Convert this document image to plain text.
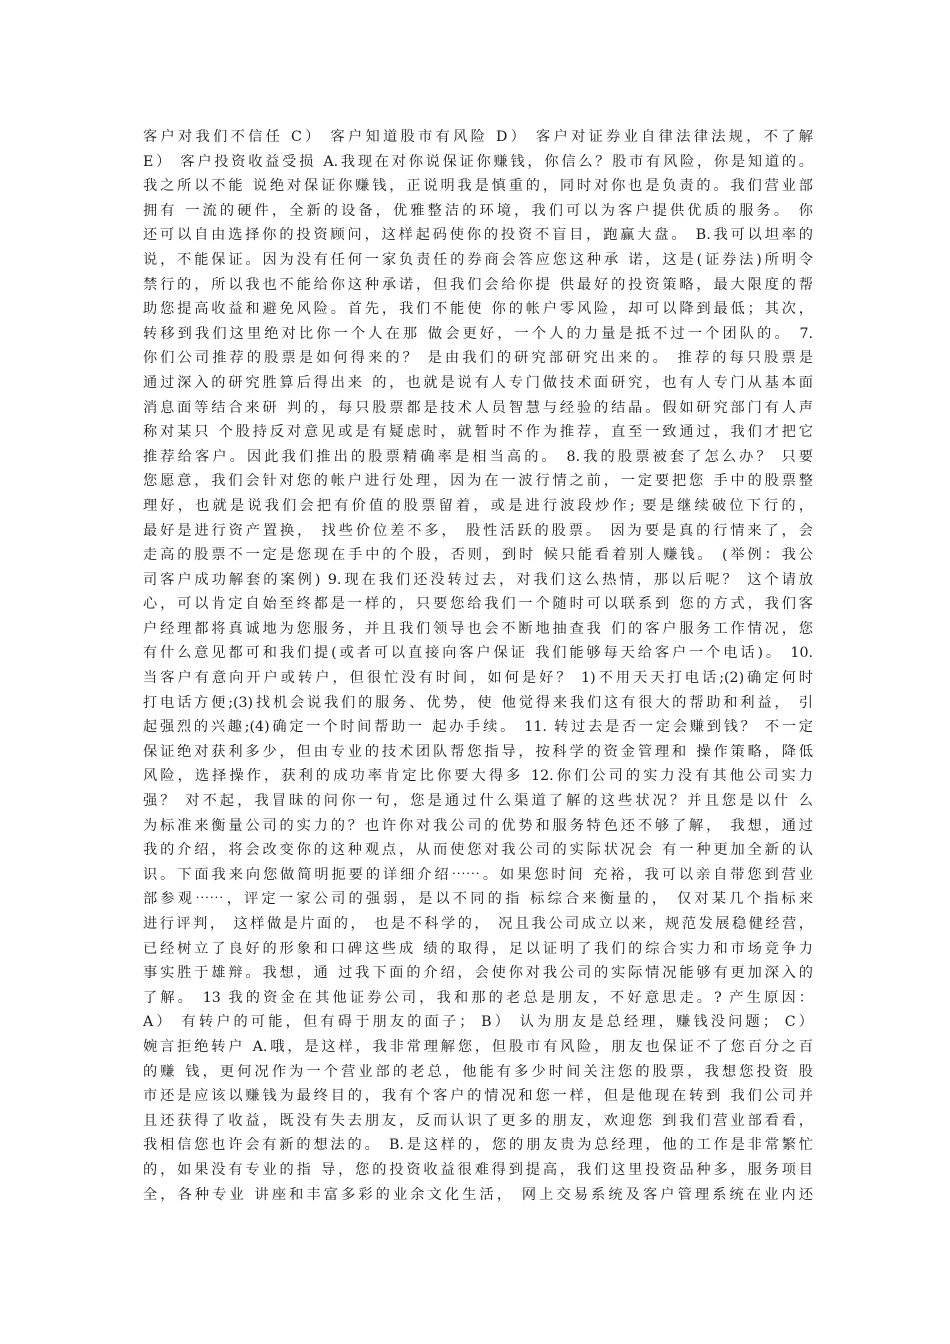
客户对我们不信任 C） 客户知道股市有风险 D） 客户对证券业自律法律法规，不了解
E） 客户投资收益受损 A.我现在对你说保证你赚钱，你信么？股市有风险，你是知道的。
我之所以不能 说绝对保证你赚钱，正说明我是慎重的，同时对你也是负责的。我们营业部
拥有 一流的硬件，全新的设备，优雅整洁的环境，我们可以为客户提供优质的服务。 你
还可以自由选择你的投资顾问，这样起码使你的投资不盲目，跑赢大盘。 B.我可以坦率的
说，不能保证。因为没有任何一家负责任的券商会答应您这种承 诺，这是(证券法)所明令
禁行的，所以我也不能给你这种承诺，但我们会给你提 供最好的投资策略，最大限度的帮
助您提高收益和避免风险。首先，我们不能使 你的帐户零风险，却可以降到最低；其次，
转移到我们这里绝对比你一个人在那 做会更好，一个人的力量是抵不过一个团队的。 7.
你们公司推荐的股票是如何得来的？ 是由我们的研究部研究出来的。 推荐的每只股票是
通过深入的研究胜算后得出来 的，也就是说有人专门做技术面研究，也有人专门从基本面
消息面等结合来研 判的，每只股票都是技术人员智慧与经验的结晶。假如研究部门有人声
称对某只 个股持反对意见或是有疑虑时，就暂时不作为推荐，直至一致通过，我们才把它
推荐给客户。因此我们推出的股票精确率是相当高的。 8.我的股票被套了怎么办？ 只要
您愿意，我们会针对您的帐户进行处理，因为在一波行情之前，一定要把您 手中的股票整
理好，也就是说我们会把有价值的股票留着，或是进行波段炒作; 要是继续破位下行的，
最好是进行资产置换， 找些价位差不多， 股性活跃的股票。 因为要是真的行情来了，会
走高的股票不一定是您现在手中的个股，否则，到时 候只能看着别人赚钱。 (举例：我公
司客户成功解套的案例) 9.现在我们还没转过去，对我们这么热情，那以后呢？ 这个请放
心，可以肯定自始至终都是一样的，只要您给我们一个随时可以联系到 您的方式，我们客
户经理都将真诚地为您服务，并且我们领导也会不断地抽查我 们的客户服务工作情况，您
有什么意见都可和我们提(或者可以直接向客户保证 我们能够每天给客户一个电话)。 10.
当客户有意向开户或转户，但很忙没有时间，如何是好？ 1)不用天天打电话;(2)确定何时
打电话方便;(3)找机会说我们的服务、优势，使 他觉得来我们这有很大的帮助和利益， 引
起强烈的兴趣;(4)确定一个时间帮助一 起办手续。 11. 转过去是否一定会赚到钱？ 不一定
保证绝对获利多少，但由专业的技术团队帮您指导，按科学的资金管理和 操作策略，降低
风险，选择操作，获利的成功率肯定比你要大得多 12.你们公司的实力没有其他公司实力
强？ 对不起，我冒昧的问你一句，您是通过什么渠道了解的这些状况？并且您是以什 么
为标准来衡量公司的实力的？也许你对我公司的优势和服务特色还不够了解， 我想，通过
我的介绍，将会改变你的这种观点，从而使您对我公司的实际状况会 有一种更加全新的认
识。下面我来向您做简明扼要的详细介绍⋯⋯。如果您时间 充裕，我可以亲自带您到营业
部参观⋯⋯，评定一家公司的强弱，是以不同的指 标综合来衡量的， 仅对某几个指标来
进行评判， 这样做是片面的， 也是不科学的， 况且我公司成立以来，规范发展稳健经营，
已经树立了良好的形象和口碑这些成 绩的取得，足以证明了我们的综合实力和市场竞争力
事实胜于雄辩。我想，通 过我下面的介绍，会使你对我公司的实际情况能够有更加深入的
了解。 13 我的资金在其他证券公司，我和那的老总是朋友，不好意思走。? 产生原因：
A） 有转户的可能，但有碍于朋友的面子； B） 认为朋友是总经理，赚钱没问题； C）
婉言拒绝转户 A.哦，是这样，我非常理解您，但股市有风险，朋友也保证不了您百分之百
的赚 钱，更何况作为一个营业部的老总，他能有多少时间关注您的股票，我想您投资 股
市还是应该以赚钱为最终目的，我有个客户的情况和您一样，但是他现在转到 我们公司并
且还获得了收益，既没有失去朋友，反而认识了更多的朋友，欢迎您 到我们营业部看看，
我相信您也许会有新的想法的。 B.是这样的，您的朋友贵为总经理，他的工作是非常繁忙
的，如果没有专业的指 导，您的投资收益很难得到提高，我们这里投资品种多，服务项目
全，各种专业 讲座和丰富多彩的业余文化生活， 网上交易系统及客户管理系统在业内还
